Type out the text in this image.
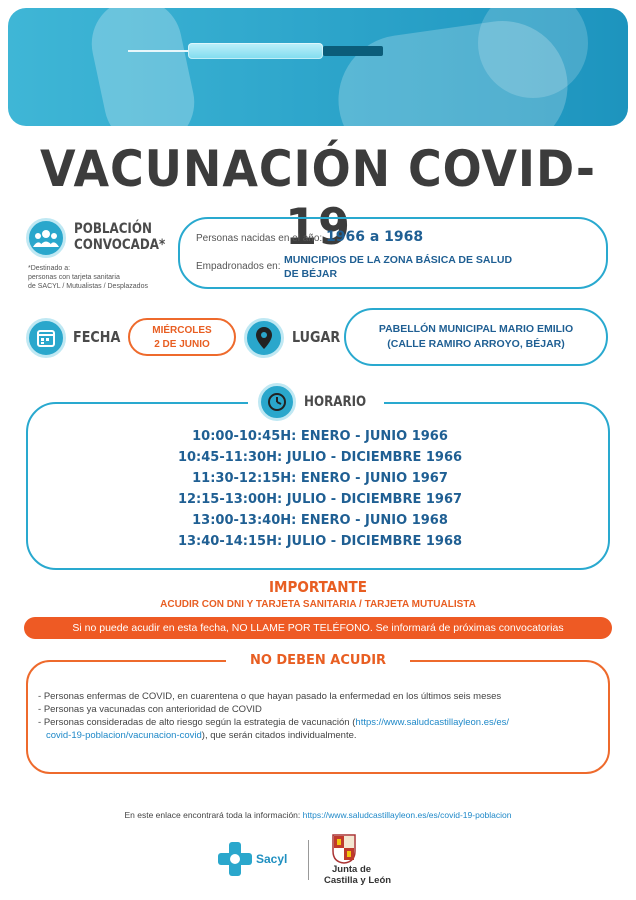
VACUNACIÓN COVID-19
POBLACIÓN
CONVOCADA*
*Destinado a:
personas con tarjeta sanitaria
de SACYL / Mutualistas / Desplazados
Personas nacidas en el año: 1966 a 1968
Empadronados en:
MUNICIPIOS DE LA ZONA BÁSICA DE SALUD
DE BÉJAR
FECHA	MIÉRCOLES
2 DE JUNIO	LUGAR	PABELLÓN MUNICIPAL MARIO EMILIO
(CALLE RAMIRO ARROYO, BÉJAR)
10:00-10:45H: ENERO - JUNIO 1966
10:45-11:30H: JULIO - DICIEMBRE 1966
11:30-12:15H: ENERO - JUNIO 1967
12:15-13:00H: JULIO - DICIEMBRE 1967
13:00-13:40H: ENERO - JUNIO 1968
13:40-14:15H: JULIO - DICIEMBRE 1968
HORARIO
IMPORTANTE
ACUDIR CON DNI Y TARJETA SANITARIA / TARJETA MUTUALISTA
Si no puede acudir en esta fecha, NO LLAME POR TELÉFONO. Se informará de próximas convocatorias
- Personas enfermas de COVID, en cuarentena o que hayan pasado la enfermedad en los últimos seis meses
- Personas ya vacunadas con anterioridad de COVID
- Personas consideradas de alto riesgo según la estrategia de vacunación (https://www.saludcastillayleon.es/es/
covid-19-poblacion/vacunacion-covid), que serán citados individualmente.
NO DEBEN ACUDIR
En este enlace encontrará toda la información: https://www.saludcastillayleon.es/es/covid-19-poblacion
Sacyl
Junta de
Castilla y León
